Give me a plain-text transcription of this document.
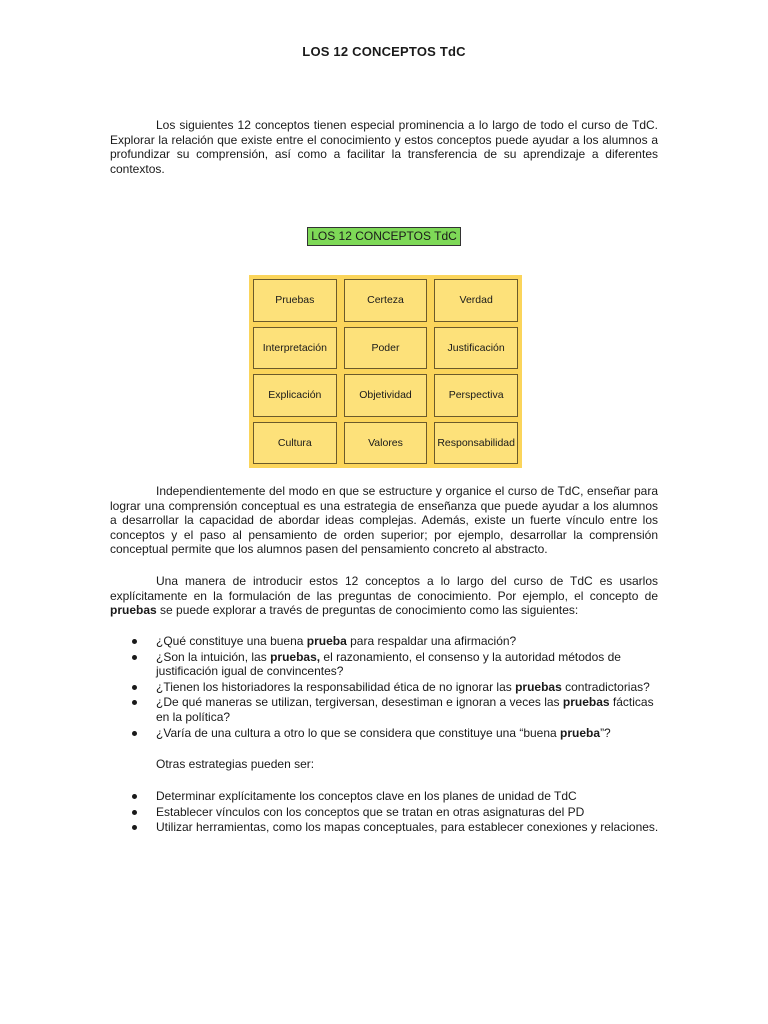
LOS 12 CONCEPTOS TdC
Los siguientes 12 conceptos tienen especial prominencia a lo largo de todo el curso de TdC. Explorar la relación que existe entre el conocimiento y estos conceptos puede ayudar a los alumnos a profundizar su comprensión, así como a facilitar la transferencia de su aprendizaje a diferentes contextos.
LOS 12 CONCEPTOS TdC
Pruebas	Certeza	Verdad
Interpretación	Poder	Justificación
Explicación	Objetividad	Perspectiva
Cultura	Valores	Responsabilidad
Independientemente del modo en que se estructure y organice el curso de TdC, enseñar para lograr una comprensión conceptual es una estrategia de enseñanza que puede ayudar a los alumnos a desarrollar la capacidad de abordar ideas complejas. Además, existe un fuerte vínculo entre los conceptos y el paso al pensamiento de orden superior; por ejemplo, desarrollar la comprensión conceptual permite que los alumnos pasen del pensamiento concreto al abstracto.
Una manera de introducir estos 12 conceptos a lo largo del curso de TdC es usarlos explícitamente en la formulación de las preguntas de conocimiento. Por ejemplo, el concepto de pruebas se puede explorar a través de preguntas de conocimiento como las siguientes:
¿Qué constituye una buena prueba para respaldar una afirmación?
¿Son la intuición, las pruebas, el razonamiento, el consenso y la autoridad métodos de justificación igual de convincentes?
¿Tienen los historiadores la responsabilidad ética de no ignorar las pruebas contradictorias?
¿De qué maneras se utilizan, tergiversan, desestiman e ignoran a veces las pruebas fácticas en la política?
¿Varía de una cultura a otro lo que se considera que constituye una “buena prueba”?
Otras estrategias pueden ser:
Determinar explícitamente los conceptos clave en los planes de unidad de TdC
Establecer vínculos con los conceptos que se tratan en otras asignaturas del PD
Utilizar herramientas, como los mapas conceptuales, para establecer conexiones y relaciones.
